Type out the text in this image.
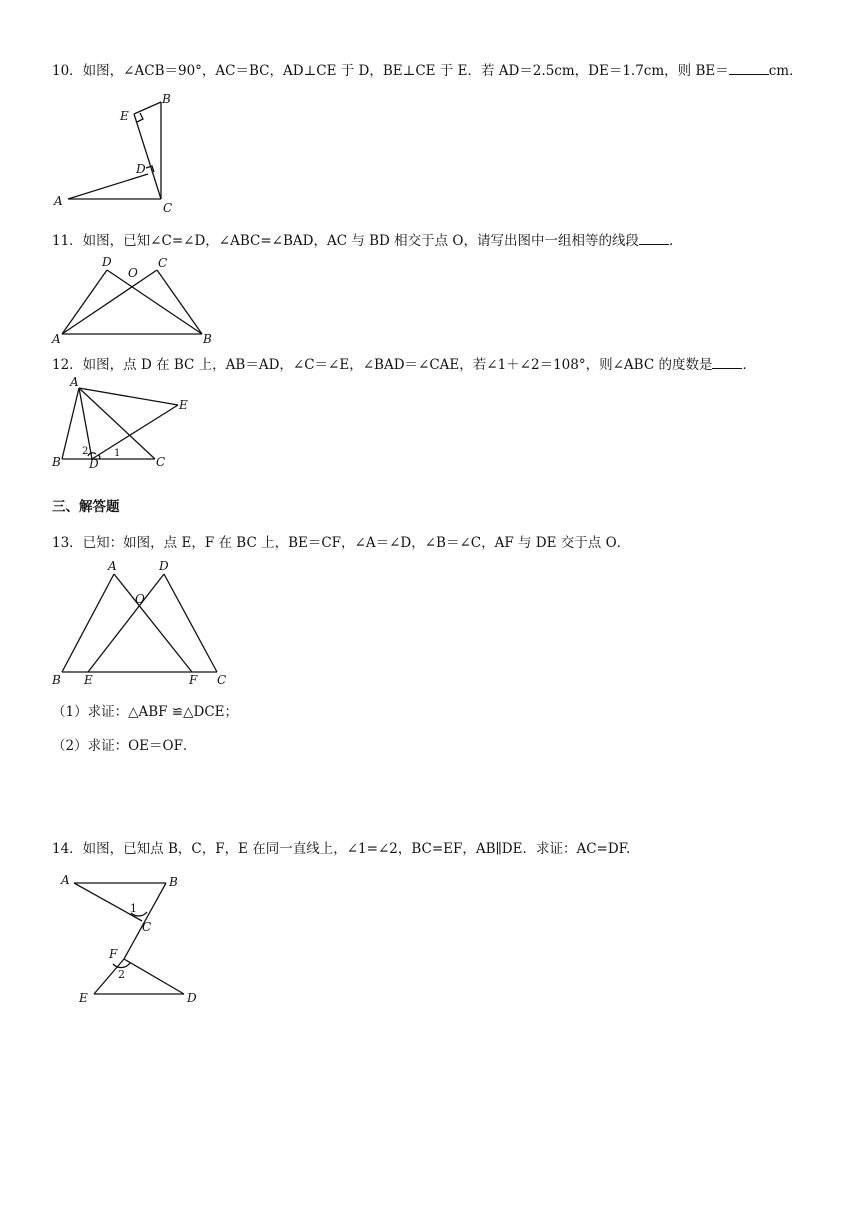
10．如图，∠ACB＝90°，AC＝BC，AD⊥CE 于 D，BE⊥CE 于 E．若 AD＝2.5cm，DE＝1.7cm，则 BE＝	cm．
A
B
C
D
E
11．如图，已知∠C=∠D，∠ABC=∠BAD，AC 与 BD 相交于点 O，请写出图中一组相等的线段 ．
A	B
C
D
O
12．如图，点 D 在 BC 上，AB＝AD，∠C＝∠E，∠BAD＝∠CAE，若∠1＋∠2＝108°，则∠ABC 的度数是 ．
A
B	C
D
E
1
2
三、解答题
13．已知：如图，点 E，F 在 BC 上，BE＝CF，∠A＝∠D，∠B＝∠C，AF 与 DE 交于点 O．
B E	F C
A	D
O
（1）求证：△ABF ≌△DCE；
（2）求证：OE＝OF．
14．如图，已知点 B，C，F，E 在同一直线上，∠1=∠2，BC=EF，AB∥DE．求证：AC=DF.
A	B
C
F
E	D
1
2
